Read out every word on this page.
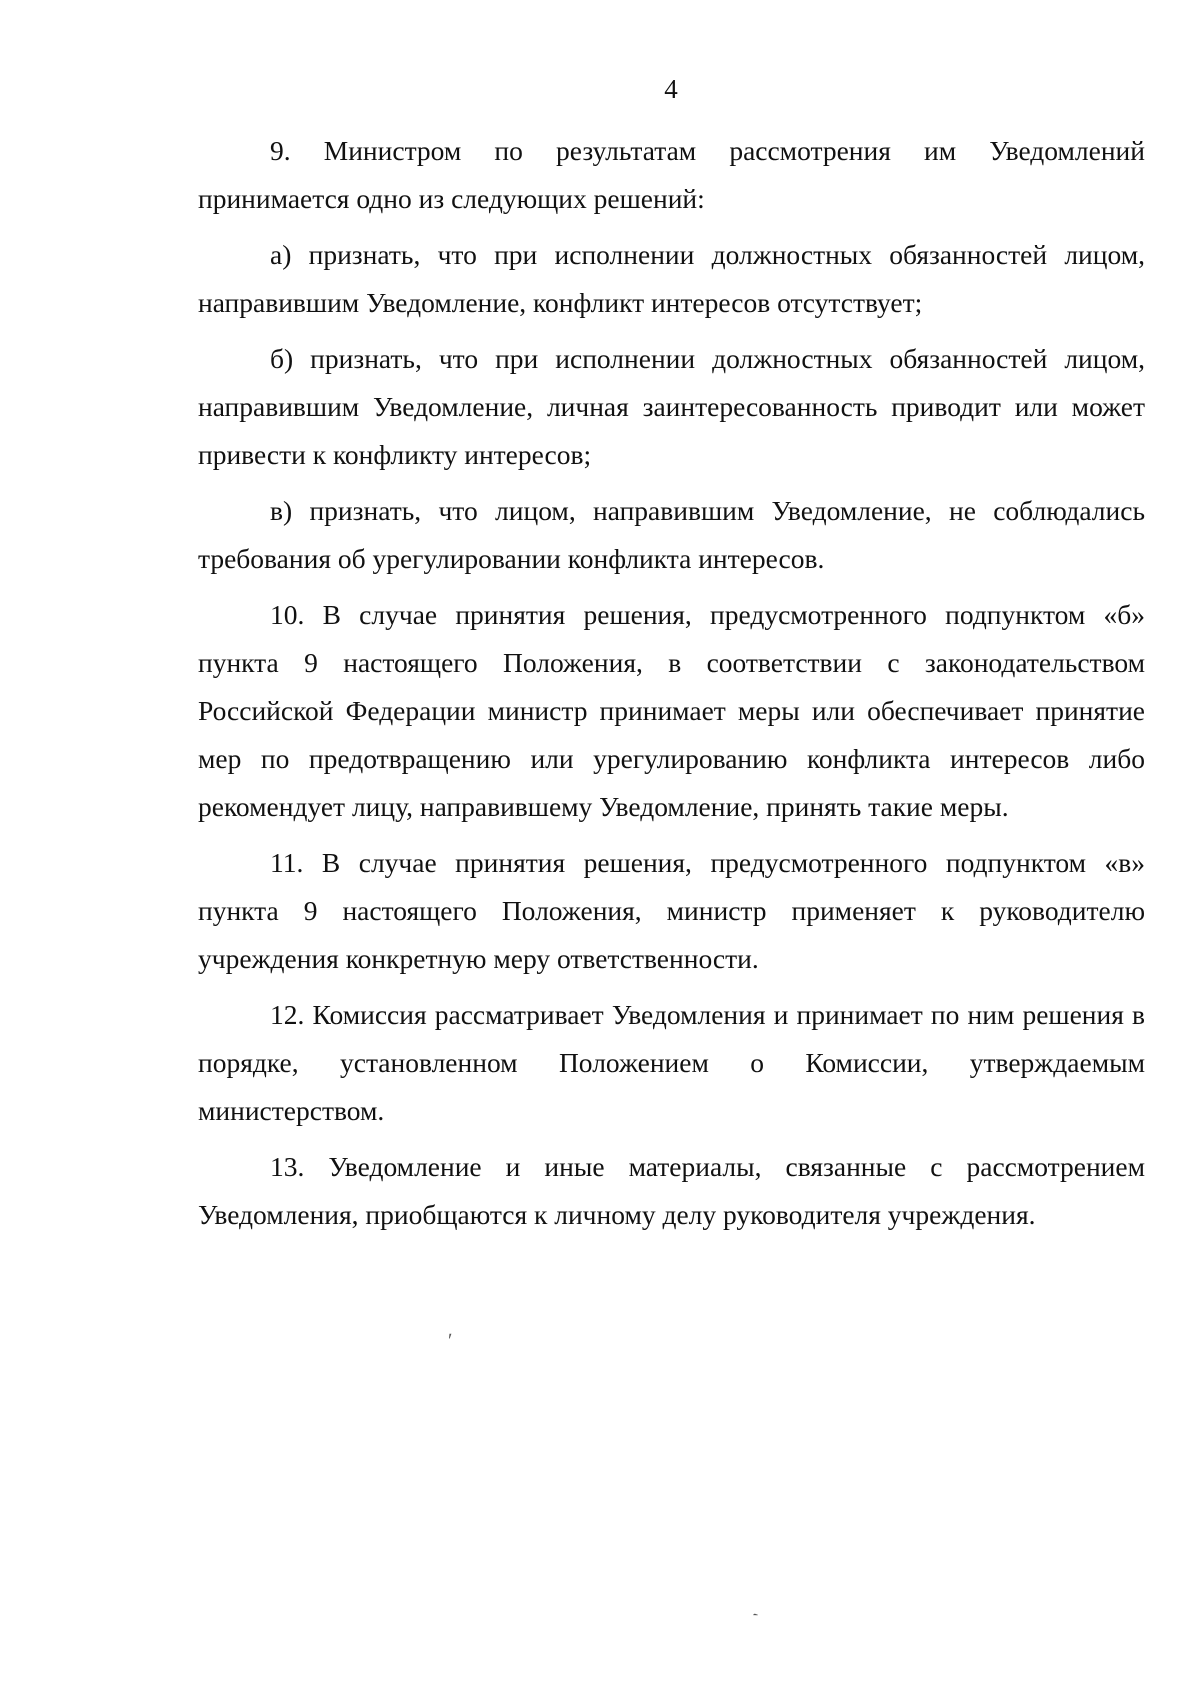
4

9. Министром по результатам рассмотрения им Уведомлений принимается одно из следующих решений:

а) признать, что при исполнении должностных обязанностей лицом, направившим Уведомление, конфликт интересов отсутствует;

б) признать, что при исполнении должностных обязанностей лицом, направившим Уведомление, личная заинтересованность приводит или может привести к конфликту интересов;

в) признать, что лицом, направившим Уведомление, не соблюдались требования об урегулировании конфликта интересов.

10. В случае принятия решения, предусмотренного подпунктом «б» пункта 9 настоящего Положения, в соответствии с законодательством Российской Федерации министр принимает меры или обеспечивает принятие мер по предотвращению или урегулированию конфликта интересов либо рекомендует лицу, направившему Уведомление, принять такие меры.

11. В случае принятия решения, предусмотренного подпунктом «в» пункта 9 настоящего Положения, министр применяет к руководителю учреждения конкретную меру ответственности.

12. Комиссия рассматривает Уведомления и принимает по ним решения в порядке, установленном Положением о Комиссии, утверждаемым министерством.

13. Уведомление и иные материалы, связанные с рассмотрением Уведомления, приобщаются к личному делу руководителя учреждения.

ʹ
ˋ
